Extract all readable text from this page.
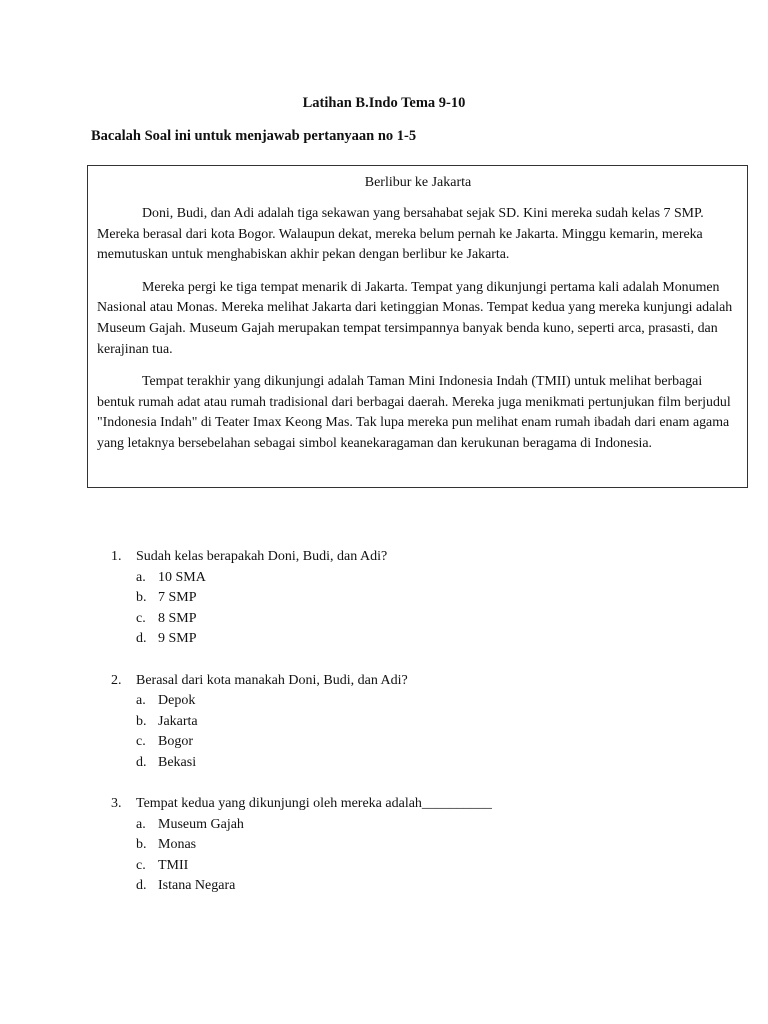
Latihan B.Indo Tema 9-10
Bacalah Soal ini untuk menjawab pertanyaan no 1-5
Berlibur ke Jakarta

Doni, Budi, dan Adi adalah tiga sekawan yang bersahabat sejak SD. Kini mereka sudah kelas 7 SMP. Mereka berasal dari kota Bogor. Walaupun dekat, mereka belum pernah ke Jakarta. Minggu kemarin, mereka memutuskan untuk menghabiskan akhir pekan dengan berlibur ke Jakarta.

Mereka pergi ke tiga tempat menarik di Jakarta. Tempat yang dikunjungi pertama kali adalah Monumen Nasional atau Monas. Mereka melihat Jakarta dari ketinggian Monas. Tempat kedua yang mereka kunjungi adalah Museum Gajah. Museum Gajah merupakan tempat tersimpannya banyak benda kuno, seperti arca, prasasti, dan kerajinan tua.

Tempat terakhir yang dikunjungi adalah Taman Mini Indonesia Indah (TMII) untuk melihat berbagai bentuk rumah adat atau rumah tradisional dari berbagai daerah. Mereka juga menikmati pertunjukan film berjudul "Indonesia Indah" di Teater Imax Keong Mas. Tak lupa mereka pun melihat enam rumah ibadah dari enam agama yang letaknya bersebelahan sebagai simbol keanekaragaman dan kerukunan beragama di Indonesia.

1.	Sudah kelas berapakah Doni, Budi, dan Adi?
a. 10 SMA
b. 7 SMP
c. 8 SMP
d. 9 SMP
2.	Berasal dari kota manakah Doni, Budi, dan Adi?
a. Depok
b. Jakarta
c. Bogor
d. Bekasi
3.	Tempat kedua yang dikunjungi oleh mereka adalah__________
a. Museum Gajah
b. Monas
c. TMII
d. Istana Negara
